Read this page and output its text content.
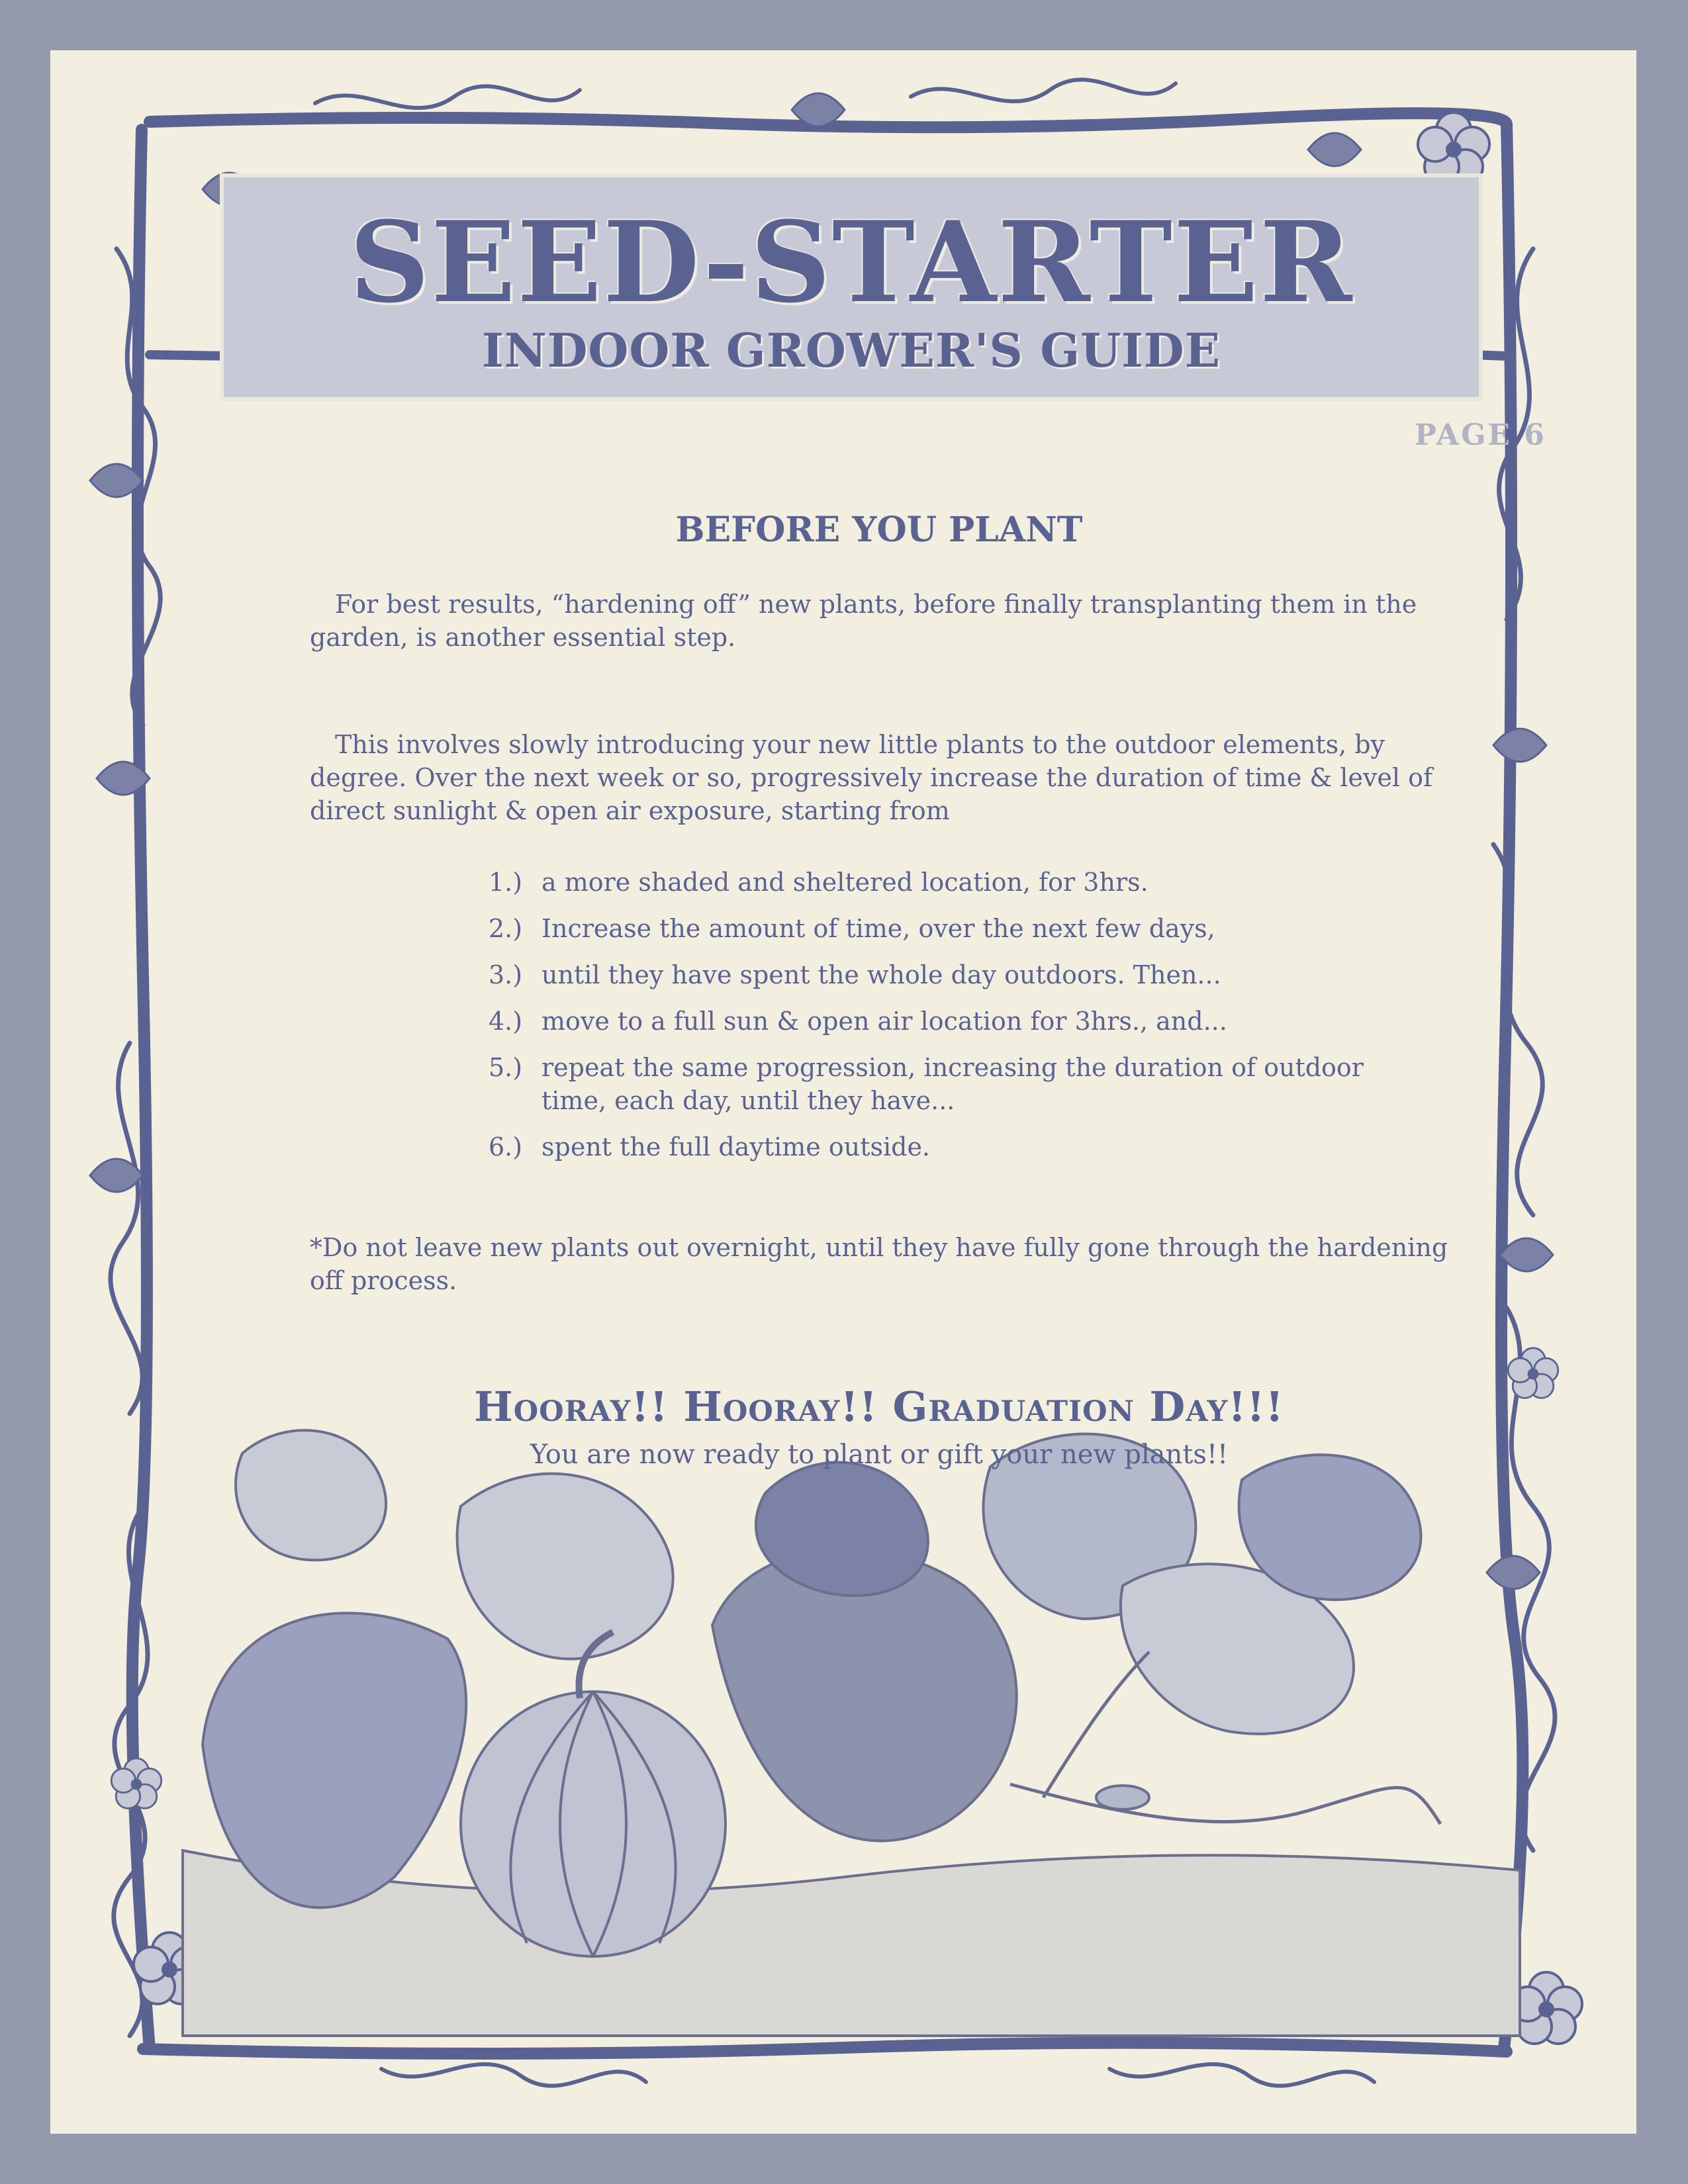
SEED-STARTER
INDOOR GROWER'S GUIDE
PAGE 6
BEFORE YOU PLANT

For best results, “hardening off” new plants, before finally transplanting them in the garden, is another essential step.

This involves slowly introducing your new little plants to the outdoor elements, by degree. Over the next week or so, progressively increase the duration of time & level of direct sunlight & open air exposure, starting from

1.) a more shaded and sheltered location, for 3hrs.
2.) Increase the amount of time, over the next few days,
3.) until they have spent the whole day outdoors. Then...
4.) move to a full sun & open air location for 3hrs., and...
5.) repeat the same progression, increasing the duration of outdoor time, each day, until they have...
6.) spent the full daytime outside.

*Do not leave new plants out overnight, until they have fully gone through the hardening off process.

Hooray!! Hooray!! Graduation Day!!!

You are now ready to plant or gift your new plants!!
